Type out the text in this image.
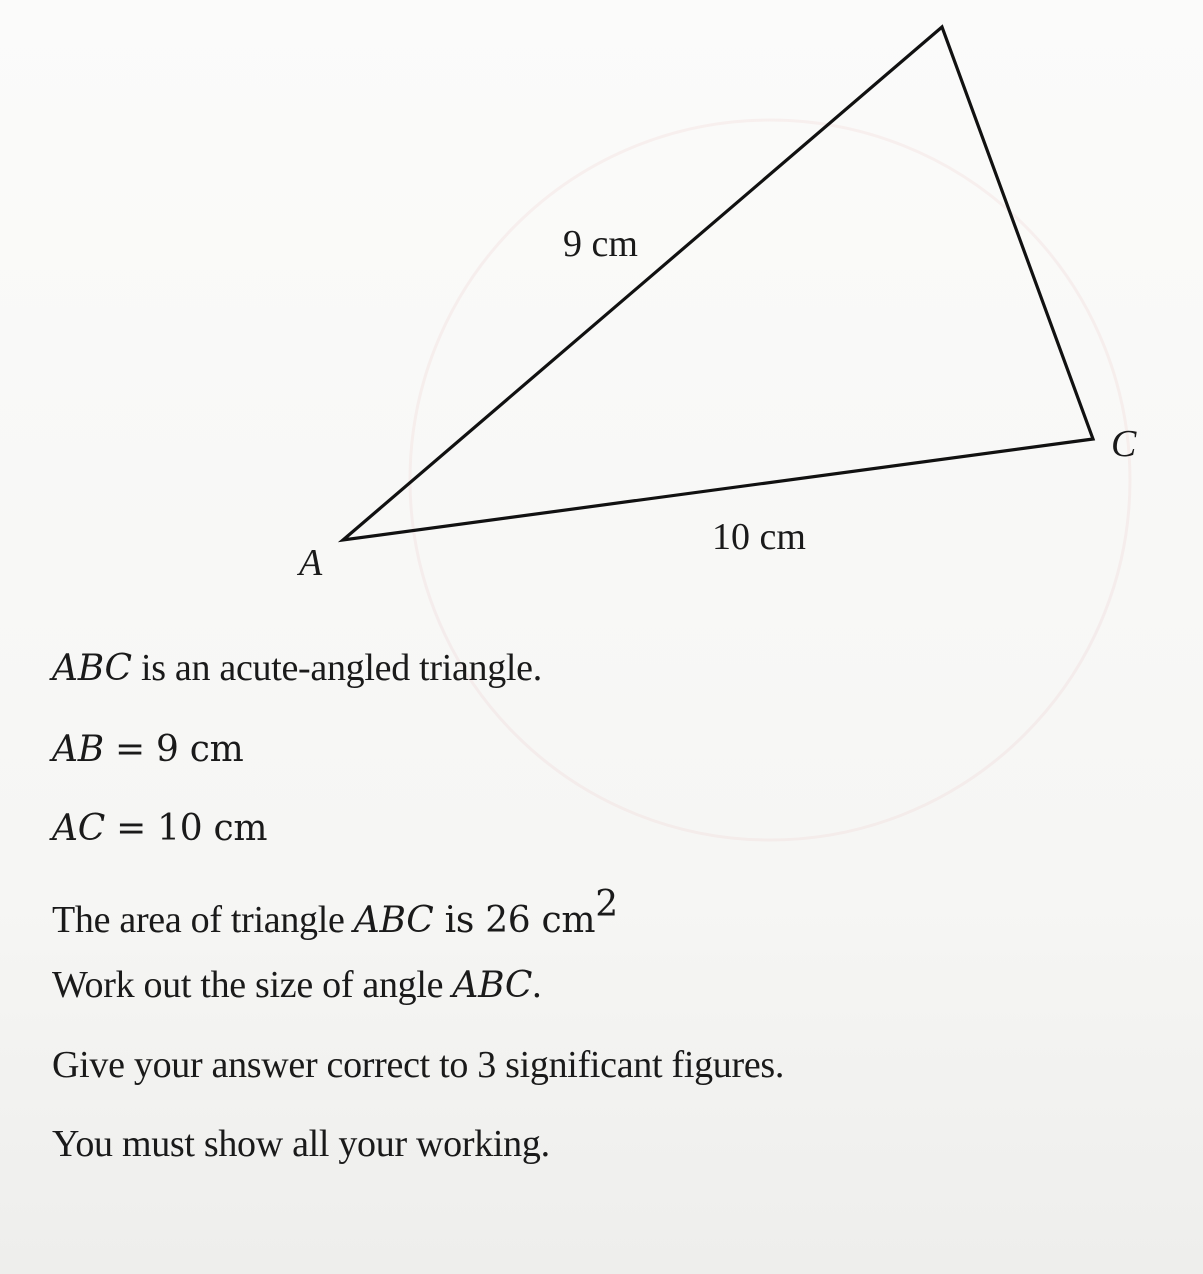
9 cm
10 cm
A
C
ABC is an acute-angled triangle.
AB = 9 cm
AC = 10 cm
The area of triangle ABC is 26 $cm^2$
Work out the size of angle ABC.
Give your answer correct to 3 significant figures.
You must show all your working.
